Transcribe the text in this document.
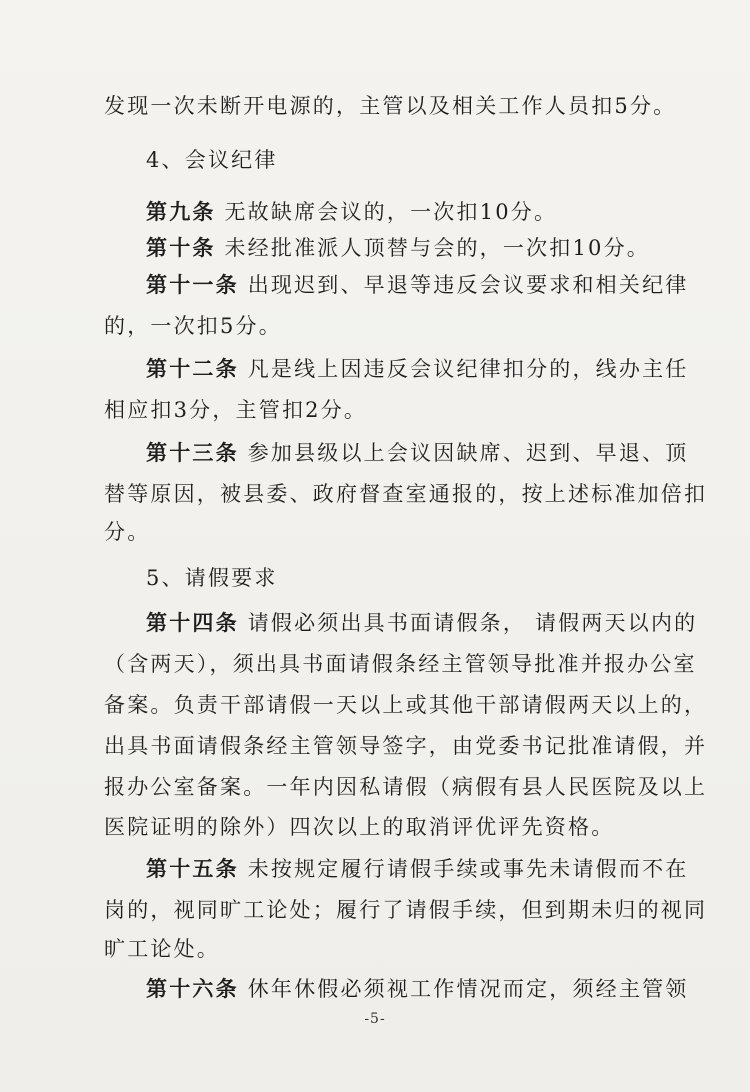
发现一次未断开电源的，主管以及相关工作人员扣5分。
4、会议纪律
第九条 无故缺席会议的，一次扣10分。
第十条 未经批准派人顶替与会的，一次扣10分。
第十一条 出现迟到、早退等违反会议要求和相关纪律
的，一次扣5分。
第十二条 凡是线上因违反会议纪律扣分的，线办主任
相应扣3分，主管扣2分。
第十三条 参加县级以上会议因缺席、迟到、早退、顶
替等原因，被县委、政府督查室通报的，按上述标准加倍扣
分。
5、请假要求
第十四条 请假必须出具书面请假条， 请假两天以内的
（含两天），须出具书面请假条经主管领导批准并报办公室
备案。负责干部请假一天以上或其他干部请假两天以上的，
出具书面请假条经主管领导签字，由党委书记批准请假，并
报办公室备案。一年内因私请假（病假有县人民医院及以上
医院证明的除外）四次以上的取消评优评先资格。
第十五条 未按规定履行请假手续或事先未请假而不在
岗的，视同旷工论处；履行了请假手续，但到期未归的视同
旷工论处。
第十六条 休年休假必须视工作情况而定，须经主管领
-5-
